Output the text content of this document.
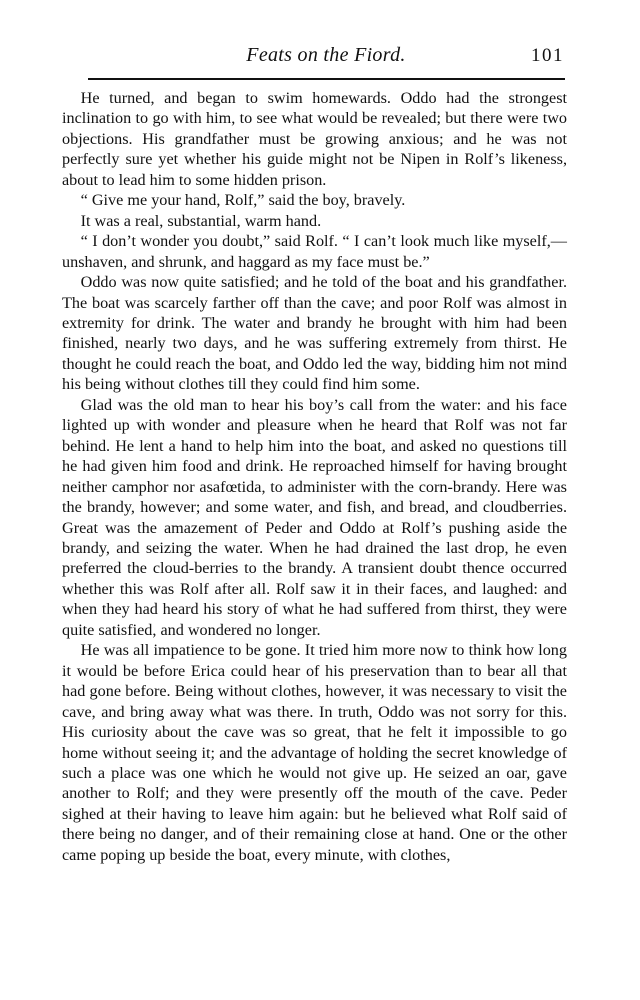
Feats on the Fiord.	101

He turned, and began to swim homewards. Oddo had the strongest inclination to go with him, to see what would be revealed; but there were two objections. His grandfather must be growing anxious; and he was not perfectly sure yet whether his guide might not be Nipen in Rolf’s likeness, about to lead him to some hidden prison.

“ Give me your hand, Rolf,” said the boy, bravely.

It was a real, substantial, warm hand.

“ I don’t wonder you doubt,” said Rolf. “ I can’t look much like myself,—unshaven, and shrunk, and haggard as my face must be.”

Oddo was now quite satisfied; and he told of the boat and his grandfather. The boat was scarcely farther off than the cave; and poor Rolf was almost in extremity for drink. The water and brandy he brought with him had been finished, nearly two days, and he was suffering extremely from thirst. He thought he could reach the boat, and Oddo led the way, bidding him not mind his being without clothes till they could find him some.

Glad was the old man to hear his boy’s call from the water: and his face lighted up with wonder and pleasure when he heard that Rolf was not far behind. He lent a hand to help him into the boat, and asked no questions till he had given him food and drink. He reproached himself for having brought neither camphor nor asafœtida, to administer with the corn-brandy. Here was the brandy, however; and some water, and fish, and bread, and cloudberries. Great was the amazement of Peder and Oddo at Rolf’s pushing aside the brandy, and seizing the water. When he had drained the last drop, he even preferred the cloud-berries to the brandy. A transient doubt thence occurred whether this was Rolf after all. Rolf saw it in their faces, and laughed: and when they had heard his story of what he had suffered from thirst, they were quite satisfied, and wondered no longer.

He was all impatience to be gone. It tried him more now to think how long it would be before Erica could hear of his preservation than to bear all that had gone before. Being without clothes, however, it was necessary to visit the cave, and bring away what was there. In truth, Oddo was not sorry for this. His curiosity about the cave was so great, that he felt it impossible to go home without seeing it; and the advantage of holding the secret knowledge of such a place was one which he would not give up. He seized an oar, gave another to Rolf; and they were presently off the mouth of the cave. Peder sighed at their having to leave him again: but he believed what Rolf said of there being no danger, and of their remaining close at hand. One or the other came poping up beside the boat, every minute, with clothes,
